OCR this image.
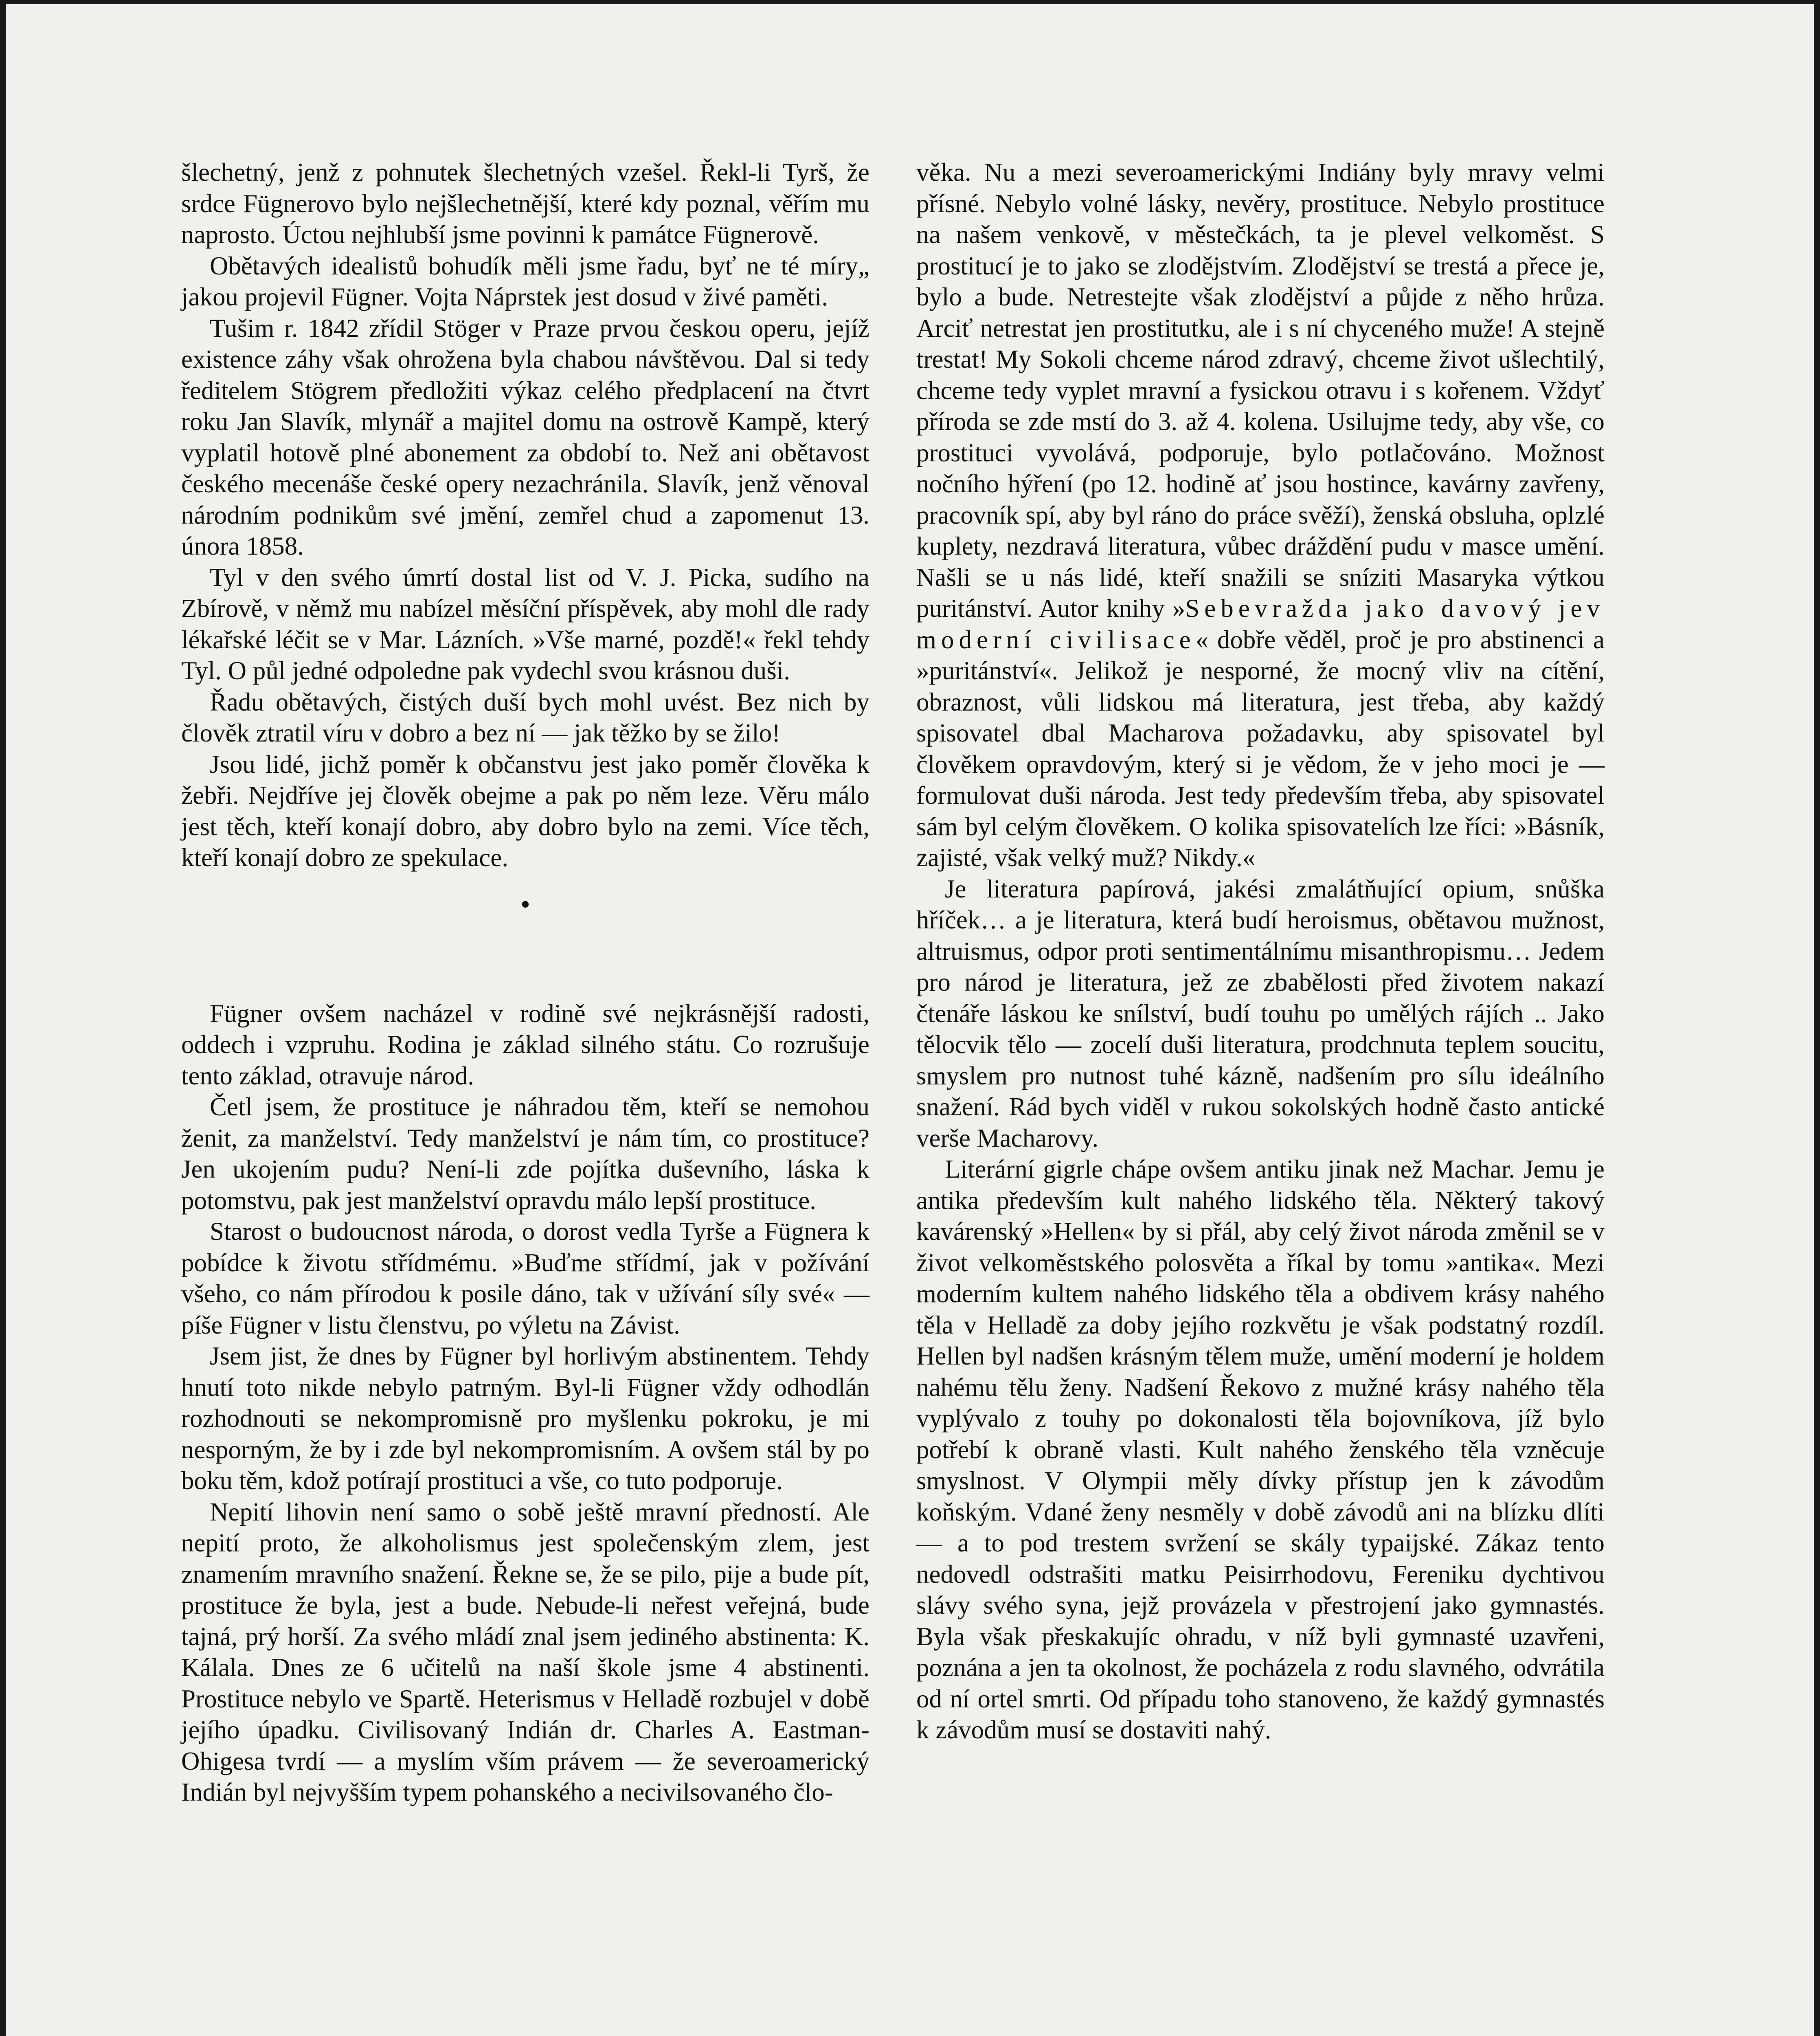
šlechetný, jenž z pohnutek šlechetných vzešel. Řekl-li Tyrš, že srdce Fügnerovo bylo nejšlechetnější, které kdy poznal, věřím mu naprosto. Úctou nejhlubší jsme povinni k památce Fügnerově.

Obětavých idealistů bohudík měli jsme řadu, byť ne té míry„ jakou projevil Fügner. Vojta Náprstek jest dosud v živé paměti.

Tušim r. 1842 zřídil Stöger v Praze prvou českou operu, jejíž existence záhy však ohrožena byla chabou návštěvou. Dal si tedy ředitelem Stögrem předložiti výkaz celého předplacení na čtvrt roku Jan Slavík, mlynář a majitel domu na ostrově Kampě, který vyplatil hotově plné abonement za období to. Než ani obětavost českého mecenáše české opery nezachránila. Slavík, jenž věnoval národním podnikům své jmění, zemřel chud a zapomenut 13. února 1858.

Tyl v den svého úmrtí dostal list od V. J. Picka, sudího na Zbírově, v němž mu nabízel měsíční příspěvek, aby mohl dle rady lékařské léčit se v Mar. Lázních. »Vše marné, pozdě!« řekl tehdy Tyl. O půl jedné odpoledne pak vydechl svou krásnou duši.

Řadu obětavých, čistých duší bych mohl uvést. Bez nich by člověk ztratil víru v dobro a bez ní — jak těžko by se žilo!

Jsou lidé, jichž poměr k občanstvu jest jako poměr člověka k žebři. Nejdříve jej člověk obejme a pak po něm leze. Věru málo jest těch, kteří konají dobro, aby dobro bylo na zemi. Více těch, kteří konají dobro ze spekulace.

•

Fügner ovšem nacházel v rodině své nejkrásnější radosti, oddech i vzpruhu. Rodina je základ silného státu. Co rozrušuje tento základ, otravuje národ.

Četl jsem, že prostituce je náhradou těm, kteří se nemohou ženit, za manželství. Tedy manželství je nám tím, co prostituce? Jen ukojením pudu? Není-li zde pojítka duševního, láska k potomstvu, pak jest manželství opravdu málo lepší prostituce.

Starost o budoucnost národa, o dorost vedla Tyrše a Fügnera k pobídce k životu střídmému. »Buďme střídmí, jak v požívání všeho, co nám přírodou k posile dáno, tak v užívání síly své« — píše Fügner v listu členstvu, po výletu na Závist.

Jsem jist, že dnes by Fügner byl horlivým abstinentem. Tehdy hnutí toto nikde nebylo patrným. Byl-li Fügner vždy odhodlán rozhodnouti se nekompromisně pro myšlenku pokroku, je mi nesporným, že by i zde byl nekompromisním. A ovšem stál by po boku těm, kdož potírají prostituci a vše, co tuto podporuje.

Nepití lihovin není samo o sobě ještě mravní předností. Ale nepití proto, že alkoholismus jest společenským zlem, jest znamením mravního snažení. Řekne se, že se pilo, pije a bude pít, prostituce že byla, jest a bude. Nebude-li neřest veřejná, bude tajná, prý horší. Za svého mládí znal jsem jediného abstinenta: K. Kálala. Dnes ze 6 učitelů na naší škole jsme 4 abstinenti. Prostituce nebylo ve Spartě. Heterismus v Helladě rozbujel v době jejího úpadku. Civilisovaný Indián dr. Charles A. Eastman-Ohigesa tvrdí — a myslím vším právem — že severoamerický Indián byl nejvyšším typem pohanského a necivilsovaného člo-

věka. Nu a mezi severoamerickými Indiány byly mravy velmi přísné. Nebylo volné lásky, nevěry, prostituce. Nebylo prostituce na našem venkově, v městečkách, ta je plevel velkoměst. S prostitucí je to jako se zlodějstvím. Zlodějství se trestá a přece je, bylo a bude. Netrestejte však zlodějství a půjde z něho hrůza. Arciť netrestat jen prostitutku, ale i s ní chyceného muže! A stejně trestat! My Sokoli chceme národ zdravý, chceme život ušlechtilý, chceme tedy vyplet mravní a fysickou otravu i s kořenem. Vždyť příroda se zde mstí do 3. až 4. kolena. Usilujme tedy, aby vše, co prostituci vyvolává, podporuje, bylo potlačováno. Možnost nočního hýření (po 12. hodině ať jsou hostince, kavárny zavřeny, pracovník spí, aby byl ráno do práce svěží), ženská obsluha, oplzlé kuplety, nezdravá literatura, vůbec dráždění pudu v masce umění. Našli se u nás lidé, kteří snažili se sníziti Masaryka výtkou puritánství. Autor knihy »Sebevražda jako davový jev moderní civilisace« dobře věděl, proč je pro abstinenci a »puritánství«. Jelikož je nesporné, že mocný vliv na cítění, obraznost, vůli lidskou má literatura, jest třeba, aby každý spisovatel dbal Macharova požadavku, aby spisovatel byl člověkem opravdovým, který si je vědom, že v jeho moci je — formulovat duši národa. Jest tedy především třeba, aby spisovatel sám byl celým člověkem. O kolika spisovatelích lze říci: »Básník, zajisté, však velký muž? Nikdy.«

Je literatura papírová, jakési zmalátňující opium, snůška hříček… a je literatura, která budí heroismus, obětavou mužnost, altruismus, odpor proti sentimentálnímu misanthropismu… Jedem pro národ je literatura, jež ze zbabělosti před životem nakazí čtenáře láskou ke snílství, budí touhu po umělých rájích .. Jako tělocvik tělo — zocelí duši literatura, prodchnuta teplem soucitu, smyslem pro nutnost tuhé kázně, nadšením pro sílu ideálního snažení. Rád bych viděl v rukou sokolských hodně často antické verše Macharovy.

Literární gigrle chápe ovšem antiku jinak než Machar. Jemu je antika především kult nahého lidského těla. Některý takový kavárenský »Hellen« by si přál, aby celý život národa změnil se v život velkoměstského polosvěta a říkal by tomu »antika«. Mezi moderním kultem nahého lidského těla a obdivem krásy nahého těla v Helladě za doby jejího rozkvětu je však podstatný rozdíl. Hellen byl nadšen krásným tělem muže, umění moderní je holdem nahému tělu ženy. Nadšení Řekovo z mužné krásy nahého těla vyplývalo z touhy po dokonalosti těla bojovníkova, jíž bylo potřebí k obraně vlasti. Kult nahého ženského těla vzněcuje smyslnost. V Olympii měly dívky přístup jen k závodům koňským. Vdané ženy nesměly v době závodů ani na blízku dlíti — a to pod trestem svržení se skály typaijské. Zákaz tento nedovedl odstrašiti matku Peisirrhodovu, Fereniku dychtivou slávy svého syna, jejž provázela v přestrojení jako gymnastés. Byla však přeskakujíc ohradu, v níž byli gymnasté uzavřeni, poznána a jen ta okolnost, že pocházela z rodu slavného, odvrátila od ní ortel smrti. Od případu toho stanoveno, že každý gymnastés k závodům musí se dostaviti nahý.
